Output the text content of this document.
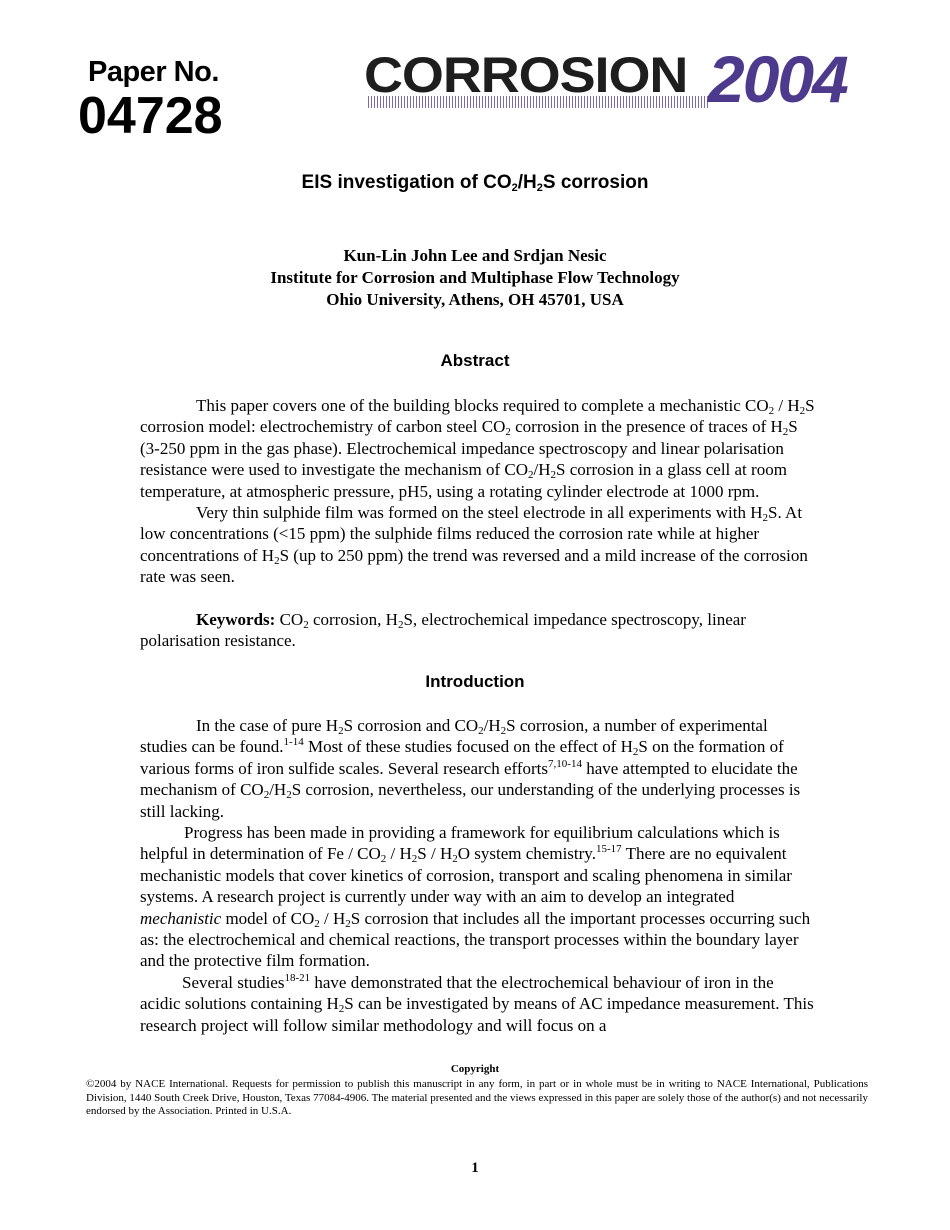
Paper No.
04728
CORROSION 2004
EIS investigation of $CO_2/H_2S$ corrosion
Kun-Lin John Lee and Srdjan Nesic
Institute for Corrosion and Multiphase Flow Technology
Ohio University, Athens, OH 45701, USA
Abstract

This paper covers one of the building blocks required to complete a mechanistic $CO_2 / H_2S$ corrosion model: electrochemistry of carbon steel $CO_2$ corrosion in the presence of traces of $H_2S$ (3-250 ppm in the gas phase). Electrochemical impedance spectroscopy and linear polarisation resistance were used to investigate the mechanism of $CO_2/H_2S$ corrosion in a glass cell at room temperature, at atmospheric pressure, pH5, using a rotating cylinder electrode at 1000 rpm.

Very thin sulphide film was formed on the steel electrode in all experiments with $H_2S$. At low concentrations (<15 ppm) the sulphide films reduced the corrosion rate while at higher concentrations of $H_2S$ (up to 250 ppm) the trend was reversed and a mild increase of the corrosion rate was seen.

Keywords: $CO_2$ corrosion, $H_2S$, electrochemical impedance spectroscopy, linear polarisation resistance.

Introduction

In the case of pure $H_2S$ corrosion and $CO_2/H_2S$ corrosion, a number of experimental studies can be found.$^{1-14}$ Most of these studies focused on the effect of $H_2S$ on the formation of various forms of iron sulfide scales. Several research efforts$^{7,10-14}$ have attempted to elucidate the mechanism of $CO_2/H_2S$ corrosion, nevertheless, our understanding of the underlying processes is still lacking.

Progress has been made in providing a framework for equilibrium calculations which is helpful in determination of Fe / $CO_2 / H_2S / H_2O$ system chemistry.$^{15-17}$ There are no equivalent mechanistic models that cover kinetics of corrosion, transport and scaling phenomena in similar systems. A research project is currently under way with an aim to develop an integrated mechanistic model of $CO_2 / H_2S$ corrosion that includes all the important processes occurring such as: the electrochemical and chemical reactions, the transport processes within the boundary layer and the protective film formation.

Several studies$^{18-21}$ have demonstrated that the electrochemical behaviour of iron in the acidic solutions containing $H_2S$ can be investigated by means of AC impedance measurement. This research project will follow similar methodology and will focus on a

Copyright
©2004 by NACE International. Requests for permission to publish this manuscript in any form, in part or in whole must be in writing to NACE International, Publications Division, 1440 South Creek Drive, Houston, Texas 77084-4906. The material presented and the views expressed in this paper are solely those of the author(s) and not necessarily endorsed by the Association. Printed in U.S.A.
1
